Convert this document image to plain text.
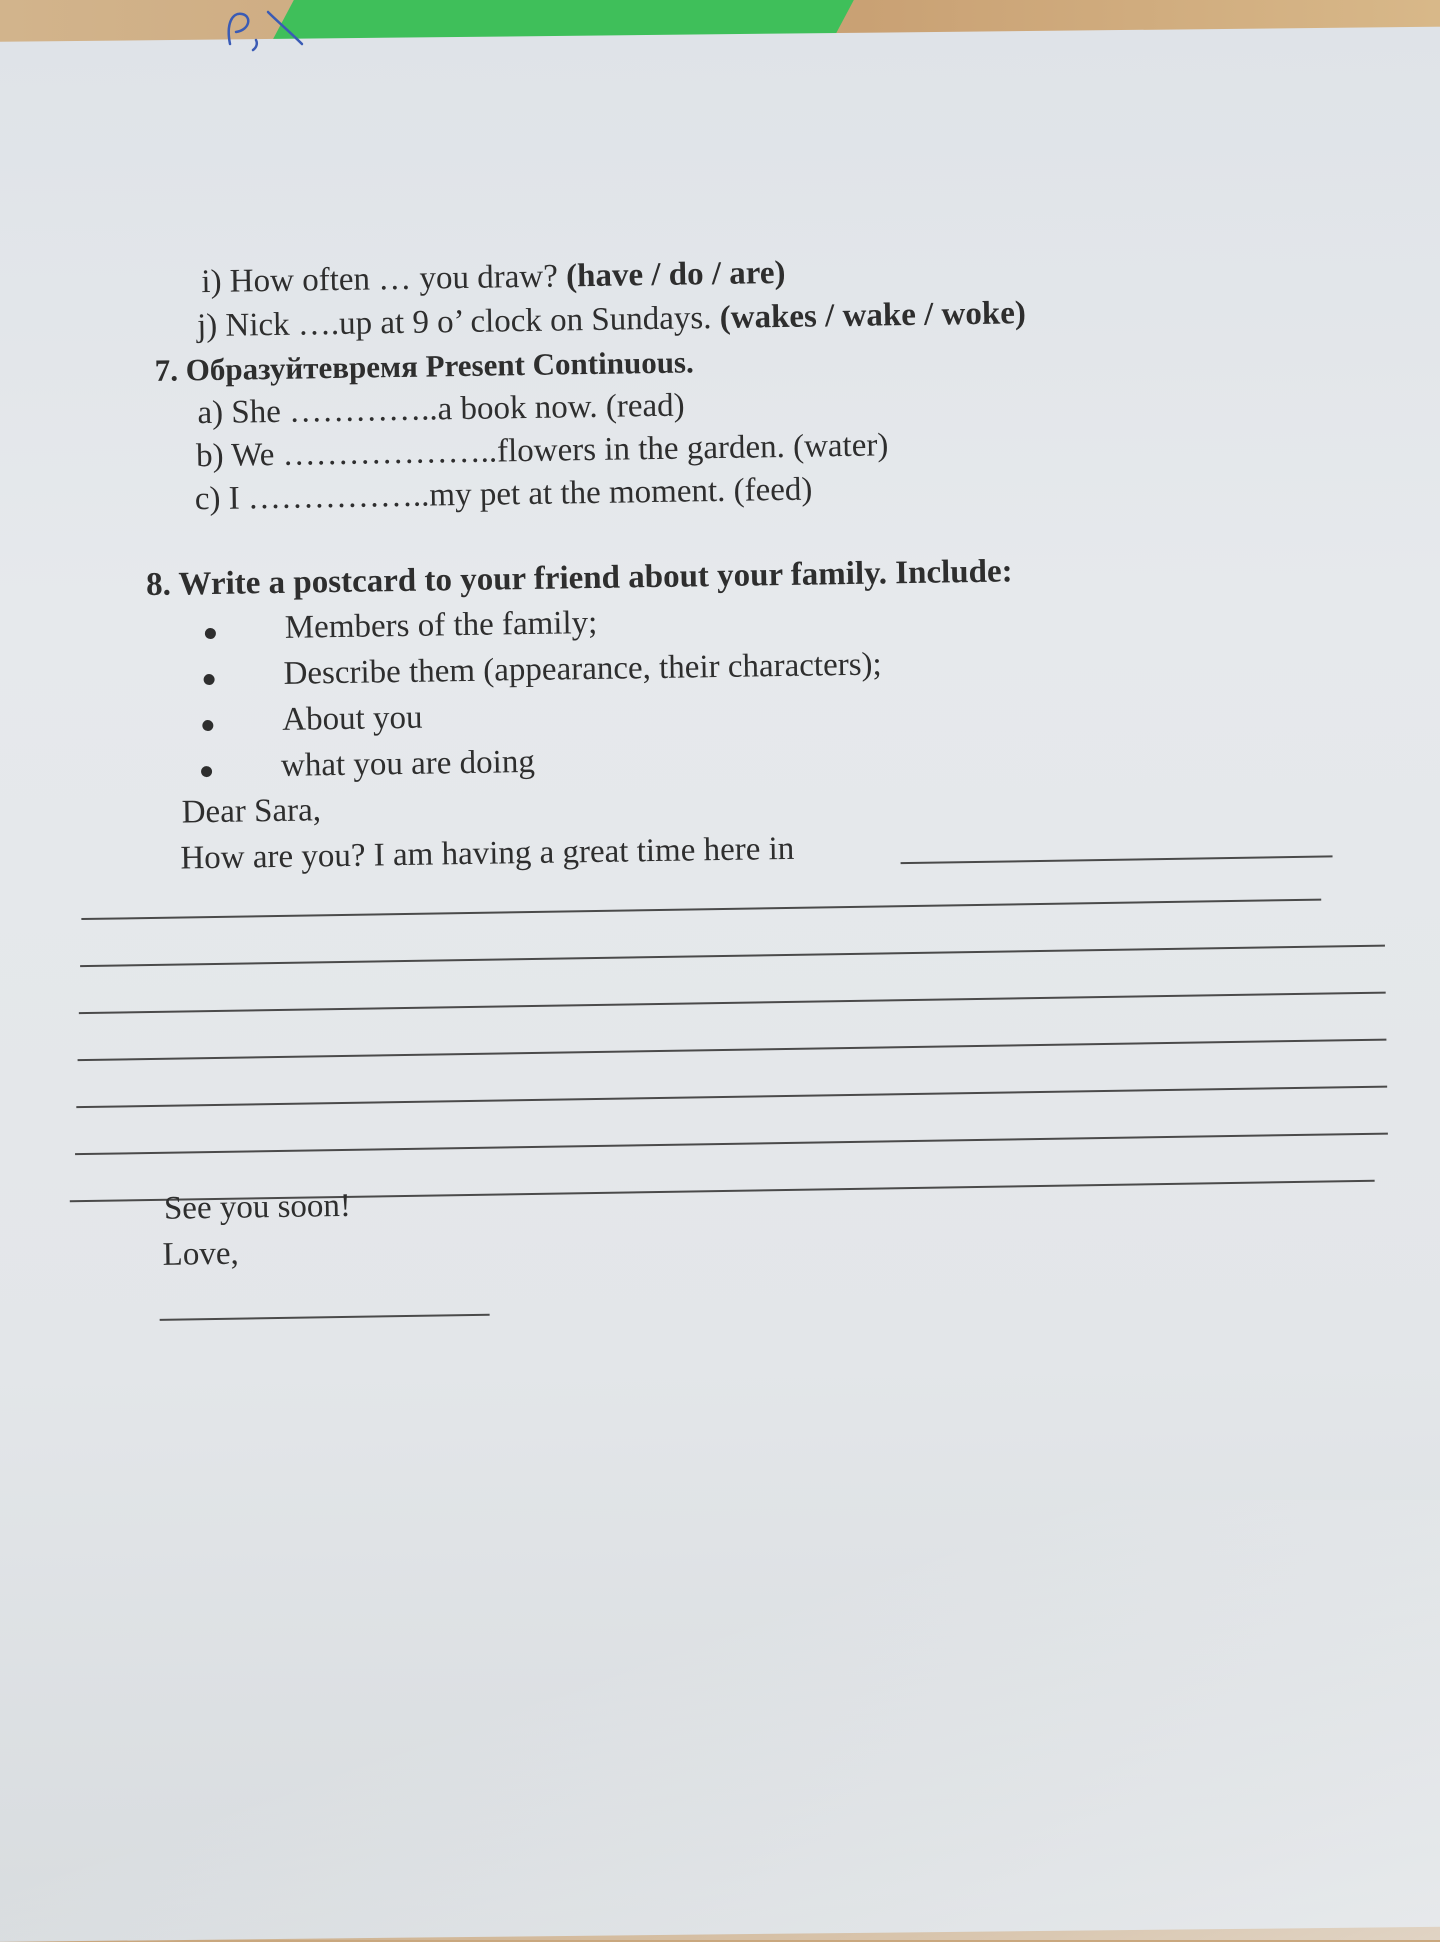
i) How often … you draw? (have / do / are)
j) Nick ….up at 9 o’ clock on Sundays. (wakes / wake / woke)
7. Образуйтевремя Present Continuous.
a) She …………..a book now. (read)
b) We ………………..flowers in the garden. (water)
c) I ……………..my pet at the moment. (feed)
8. Write a postcard to your friend about your family. Include:
Members of the family;
Describe them (appearance, their characters);
About you
what you are doing
Dear Sara,
How are you? I am having a great time here in
See you soon!
Love,
